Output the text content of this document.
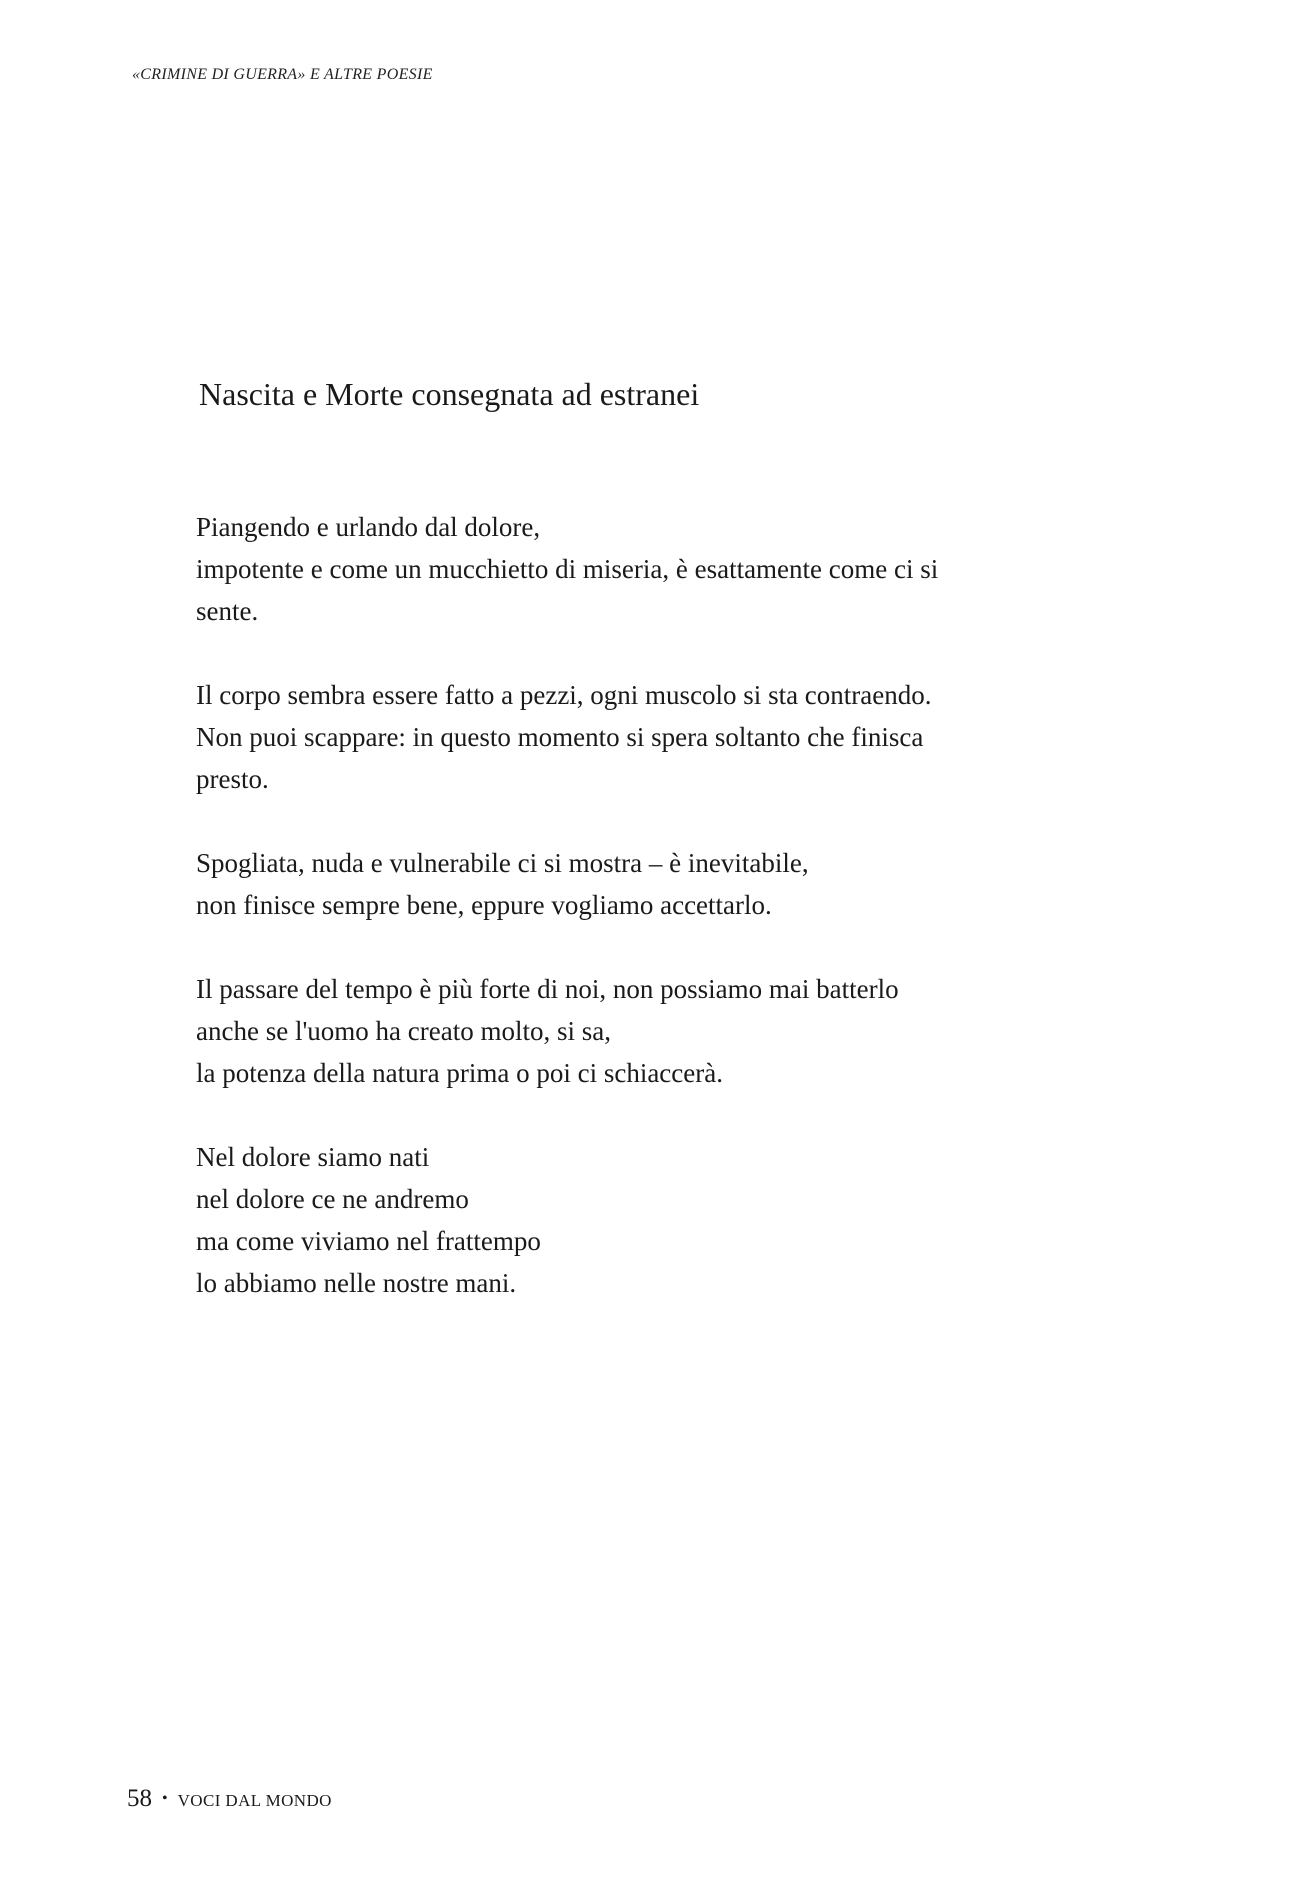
«CRIMINE DI GUERRA» E ALTRE POESIE
Nascita e Morte consegnata ad estranei
Piangendo e urlando dal dolore,
impotente e come un mucchietto di miseria, è esattamente come ci si
sente.
Il corpo sembra essere fatto a pezzi, ogni muscolo si sta contraendo.
Non puoi scappare: in questo momento si spera soltanto che finisca
presto.
Spogliata, nuda e vulnerabile ci si mostra – è inevitabile,
non finisce sempre bene, eppure vogliamo accettarlo.
Il passare del tempo è più forte di noi, non possiamo mai batterlo
anche se l'uomo ha creato molto, si sa,
la potenza della natura prima o poi ci schiaccerà.
Nel dolore siamo nati
nel dolore ce ne andremo
ma come viviamo nel frattempo
lo abbiamo nelle nostre mani.
58 • VOCI DAL MONDO
